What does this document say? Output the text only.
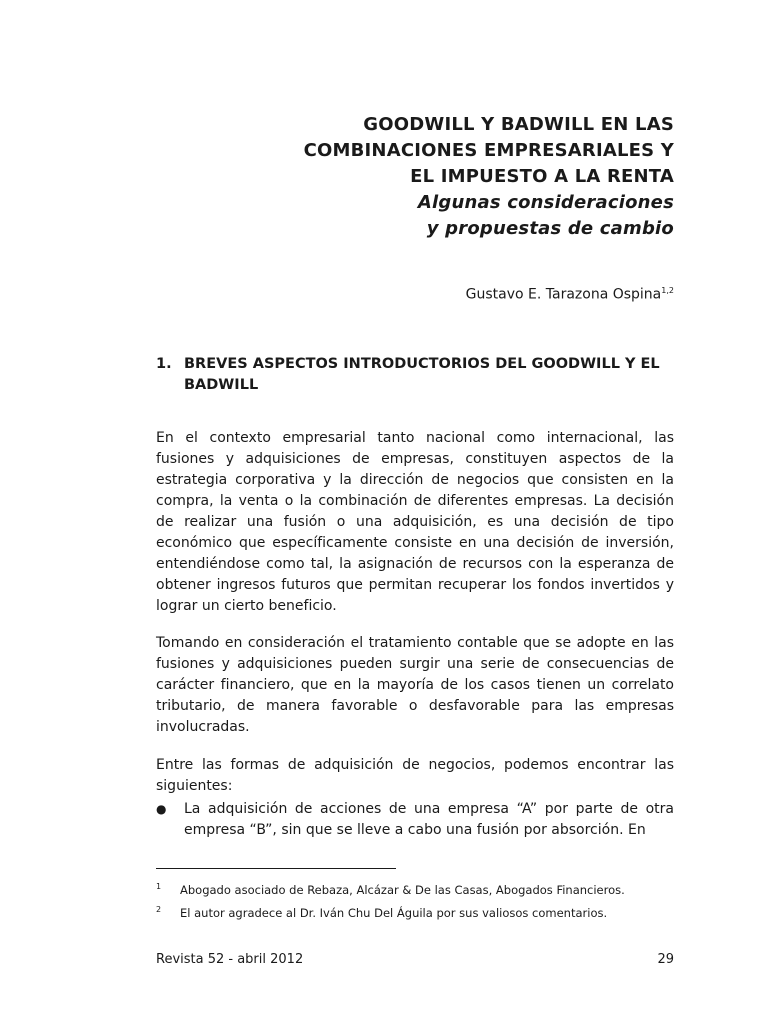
GOODWILL Y BADWILL EN LAS
COMBINACIONES EMPRESARIALES Y
EL IMPUESTO A LA RENTA
Algunas consideraciones
y propuestas de cambio
Gustavo E. Tarazona Ospina$^{1,2}$
1. BREVES ASPECTOS INTRODUCTORIOS DEL GOODWILL Y EL BADWILL

En el contexto empresarial tanto nacional como internacional, las fusiones y adquisiciones de empresas, constituyen aspectos de la estrategia corporativa y la dirección de negocios que consisten en la compra, la venta o la combinación de diferentes empresas. La decisión de realizar una fusión o una adquisición, es una decisión de tipo económico que específicamente consiste en una decisión de inversión, entendiéndose como tal, la asignación de recursos con la esperanza de obtener ingresos futuros que permitan recuperar los fondos invertidos y lograr un cierto beneficio.

Tomando en consideración el tratamiento contable que se adopte en las fusiones y adquisiciones pueden surgir una serie de consecuencias de carácter financiero, que en la mayoría de los casos tienen un correlato tributario, de manera favorable o desfavorable para las empresas involucradas.

Entre las formas de adquisición de negocios, podemos encontrar las siguientes:

●	La adquisición de acciones de una empresa “A” por parte de otra empresa “B”, sin que se lleve a cabo una fusión por absorción. En
1	Abogado asociado de Rebaza, Alcázar & De las Casas, Abogados Financieros.
2	El autor agradece al Dr. Iván Chu Del Águila por sus valiosos comentarios.
Revista 52 - abril 2012	29
